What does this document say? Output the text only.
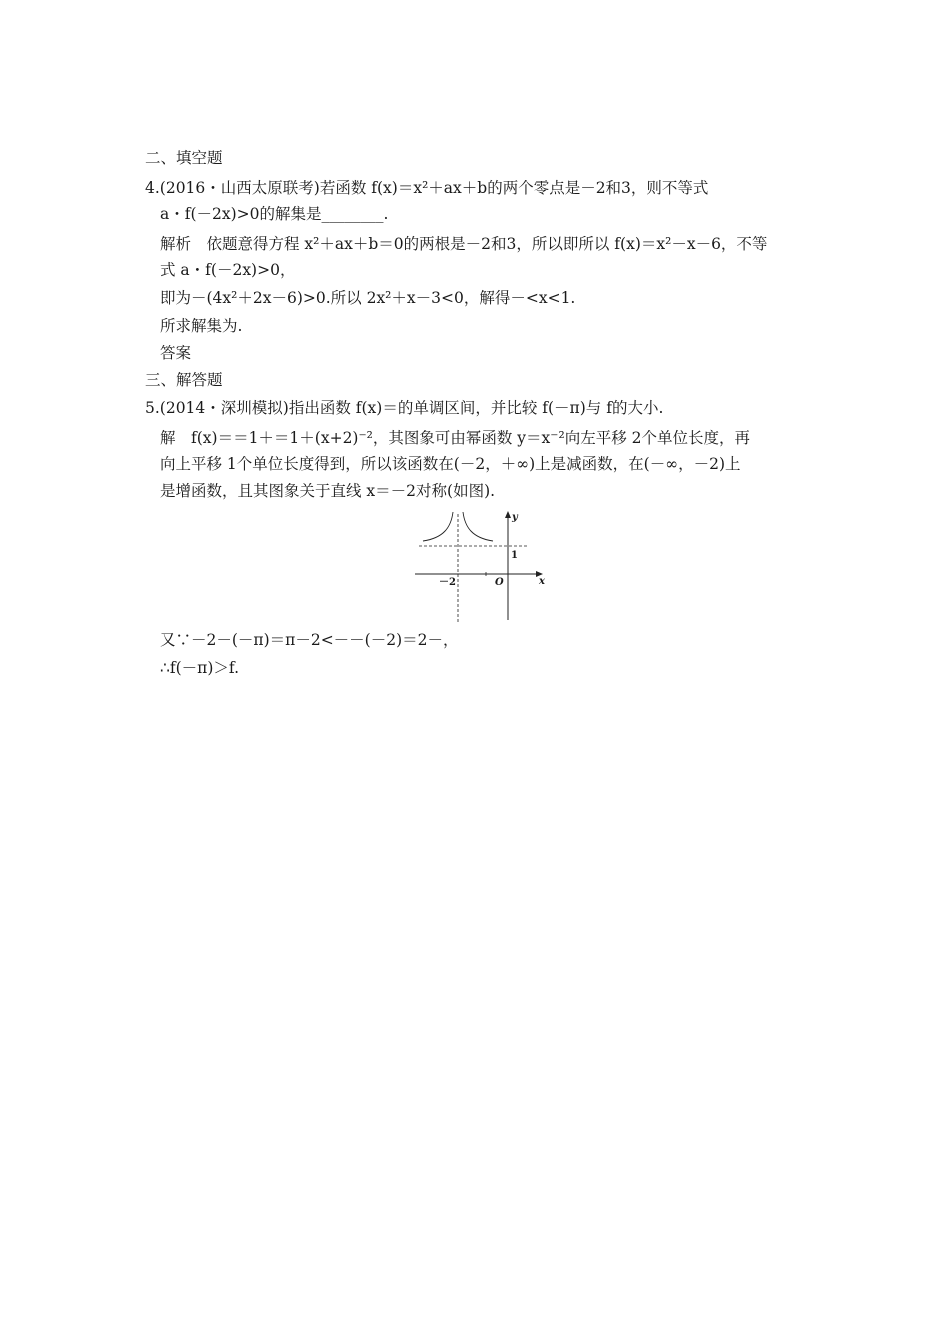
二、填空题
4.(2016・山西太原联考)若函数 f(x)＝x²＋ax＋b的两个零点是－2和3，则不等式
a・f(－2x)>0的解集是________.
解析　依题意得方程 x²＋ax＋b＝0的两根是－2和3，所以即所以 f(x)＝x²－x－6，不等
式 a・f(－2x)>0，
即为－(4x²＋2x－6)>0.所以 2x²＋x－3<0，解得－<x<1.
所求解集为.
答案
三、解答题
5.(2014・深圳模拟)指出函数 f(x)＝的单调区间，并比较 f(－π)与 f的大小.
解　f(x)＝＝1＋＝1＋(x+2)⁻²，其图象可由幂函数 y＝x⁻²向左平移 2个单位长度，再
向上平移 1个单位长度得到，所以该函数在(－2，＋∞)上是减函数，在(－∞，－2)上
是增函数，且其图象关于直线 x＝－2对称(如图).
y
x
O
1
－2
又∵－2－(－π)＝π－2<－－(－2)＝2－，
∴f(－π)＞f.
